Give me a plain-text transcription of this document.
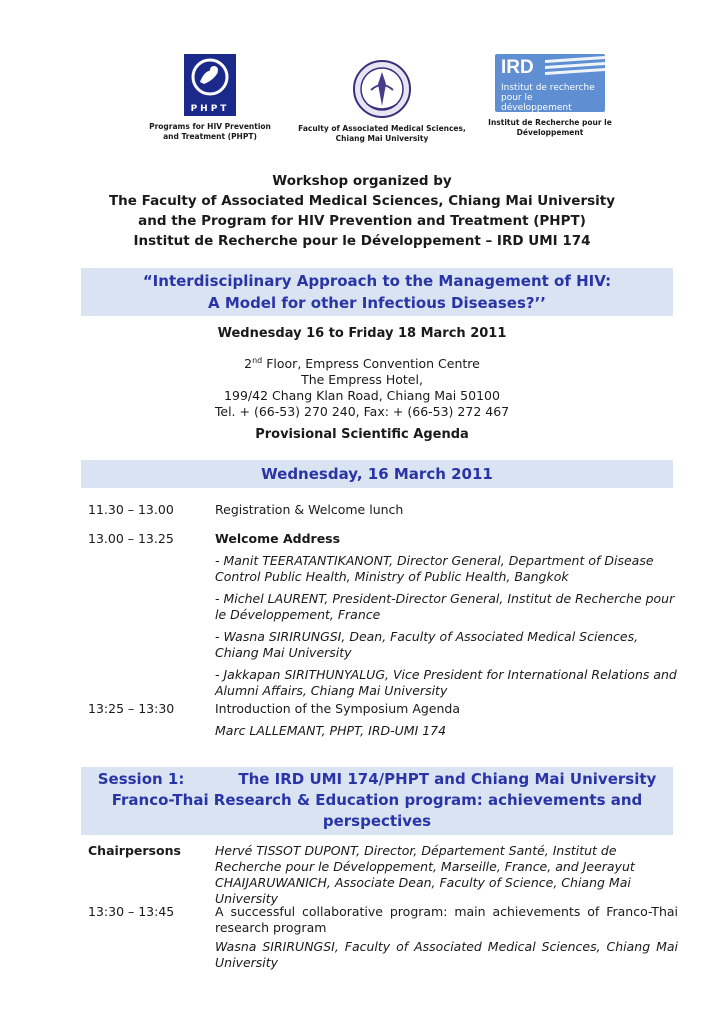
PHPT
Programs for HIV Prevention and Treatment (PHPT)
Faculty of Associated Medical Sciences, Chiang Mai University
IRD
Institut de recherche
pour le développement
Institut de Recherche pour le Développement
Workshop organized by
The Faculty of Associated Medical Sciences, Chiang Mai University
and the Program for HIV Prevention and Treatment (PHPT)
Institut de Recherche pour le Développement – IRD UMI 174
“Interdisciplinary Approach to the Management of HIV:
A Model for other Infectious Diseases?’’
Wednesday 16 to Friday 18 March 2011
2nd Floor, Empress Convention Centre
The Empress Hotel,
199/42 Chang Klan Road, Chiang Mai 50100
Tel. + (66-53) 270 240, Fax: + (66-53) 272 467
Provisional Scientific Agenda
Wednesday, 16 March 2011
11.30 – 13.00	Registration & Welcome lunch
13.00 – 13.25	Welcome Address
- Manit TEERATANTIKANONT, Director General, Department of Disease Control Public Health, Ministry of Public Health, Bangkok
- Michel LAURENT, President-Director General, Institut de Recherche pour le Développement, France
- Wasna SIRIRUNGSI, Dean, Faculty of Associated Medical Sciences, Chiang Mai University
- Jakkapan SIRITHUNYALUG, Vice President for International Relations and Alumni Affairs, Chiang Mai University
13:25 – 13:30	Introduction of the Symposium Agenda
Marc LALLEMANT, PHPT, IRD-UMI 174
Session 1:	The IRD UMI 174/PHPT and Chiang Mai University
Franco-Thai Research & Education program: achievements and
perspectives
Chairpersons	Hervé TISSOT DUPONT, Director, Département Santé, Institut de Recherche pour le Développement, Marseille, France, and Jeerayut CHAIJARUWANICH, Associate Dean, Faculty of Science, Chiang Mai University
13:30 – 13:45	A successful collaborative program: main achievements of Franco-Thai research program
Wasna SIRIRUNGSI, Faculty of Associated Medical Sciences, Chiang Mai University
